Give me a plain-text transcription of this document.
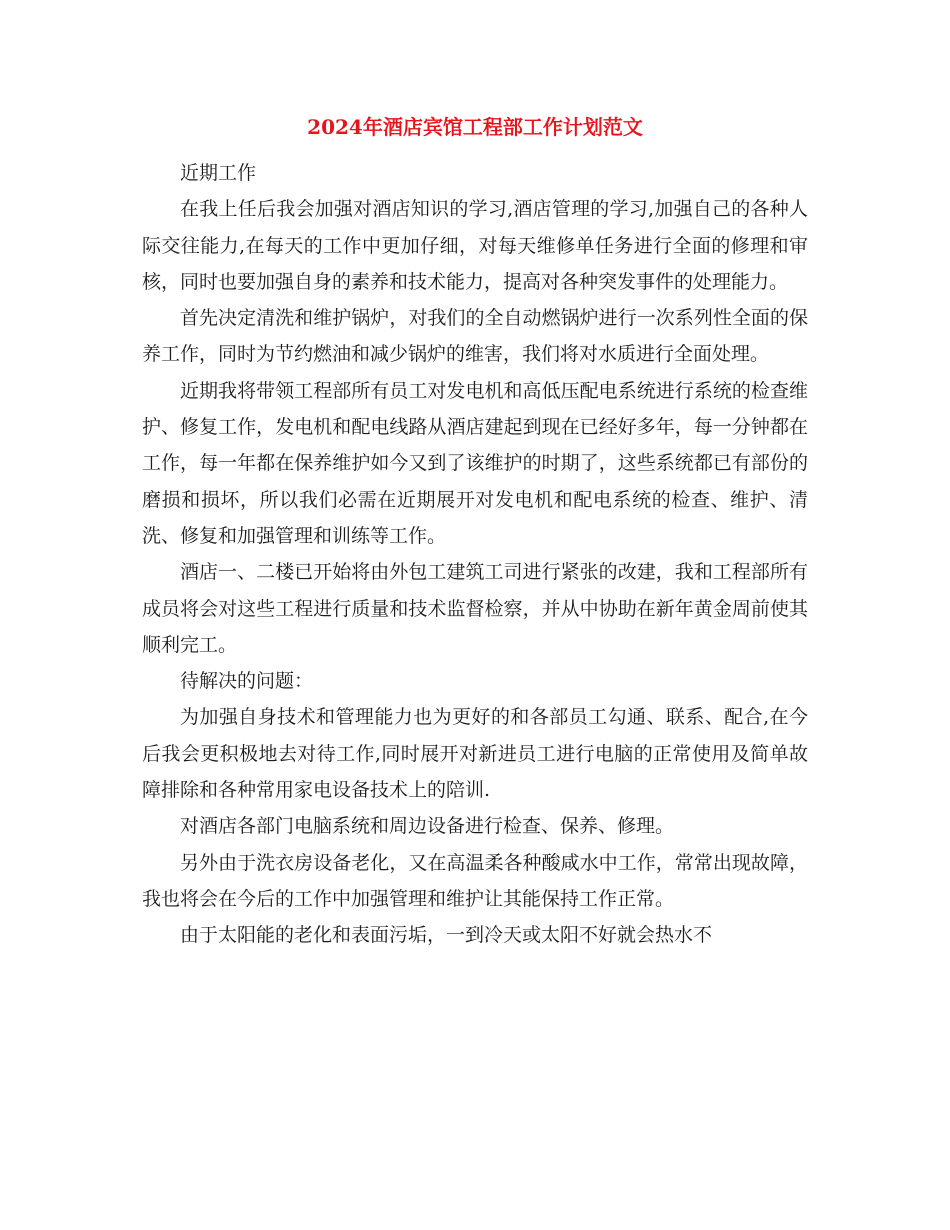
2024年酒店宾馆工程部工作计划范文

近期工作

在我上任后我会加强对酒店知识的学习,酒店管理的学习,加强自己的各种人际交往能力,在每天的工作中更加仔细，对每天维修单任务进行全面的修理和审核，同时也要加强自身的素养和技术能力，提高对各种突发事件的处理能力。

首先决定清洗和维护锅炉，对我们的全自动燃锅炉进行一次系列性全面的保养工作，同时为节约燃油和减少锅炉的维害，我们将对水质进行全面处理。

近期我将带领工程部所有员工对发电机和高低压配电系统进行系统的检查维护、修复工作，发电机和配电线路从酒店建起到现在已经好多年，每一分钟都在工作，每一年都在保养维护如今又到了该维护的时期了，这些系统都已有部份的磨损和损坏，所以我们必需在近期展开对发电机和配电系统的检查、维护、清洗、修复和加强管理和训练等工作。

酒店一、二楼已开始将由外包工建筑工司进行紧张的改建，我和工程部所有成员将会对这些工程进行质量和技术监督检察，并从中协助在新年黄金周前使其顺利完工。

待解决的问题：

为加强自身技术和管理能力也为更好的和各部员工勾通、联系、配合,在今后我会更积极地去对待工作,同时展开对新进员工进行电脑的正常使用及简单故障排除和各种常用家电设备技术上的陪训.

对酒店各部门电脑系统和周边设备进行检查、保养、修理。

另外由于洗衣房设备老化，又在高温柔各种酸咸水中工作，常常出现故障，我也将会在今后的工作中加强管理和维护让其能保持工作正常。

由于太阳能的老化和表面污垢，一到冷天或太阳不好就会热水不
